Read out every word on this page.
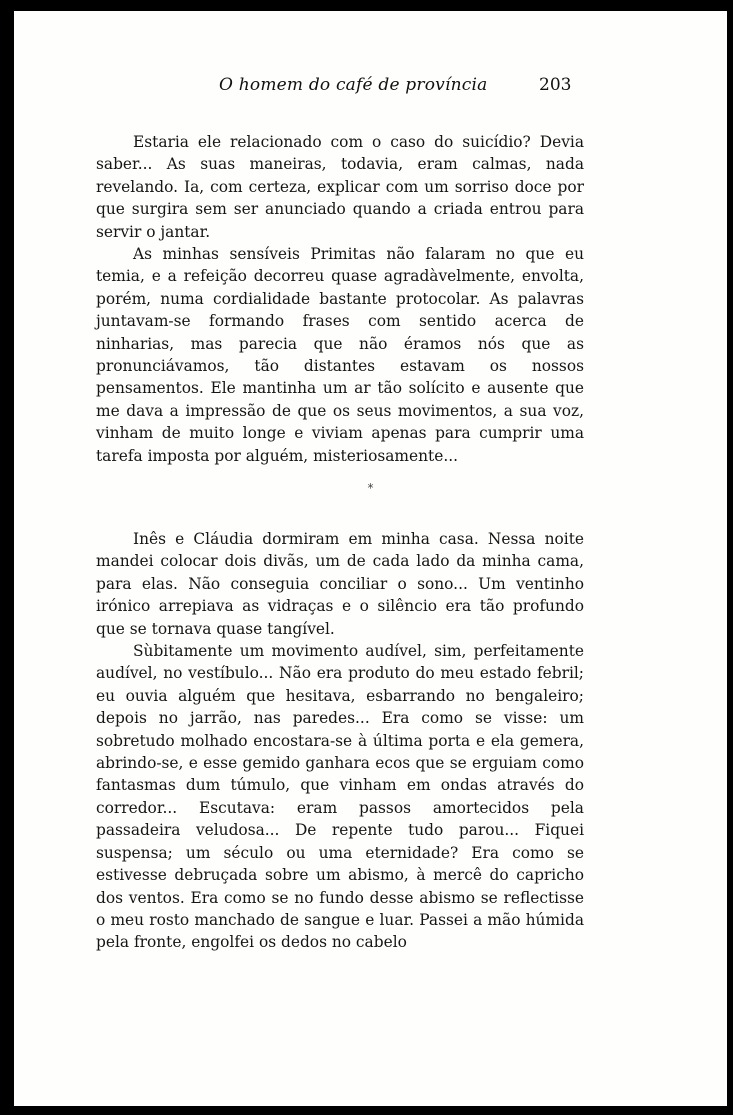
O homem do café de província	203

Estaria ele relacionado com o caso do suicídio? Devia saber... As suas maneiras, todavia, eram calmas, nada revelando. Ia, com certeza, explicar com um sorriso doce por que surgira sem ser anunciado quando a criada entrou para servir o jantar.

As minhas sensíveis Primitas não falaram no que eu temia, e a refeição decorreu quase agradàvelmente, envolta, porém, numa cordialidade bastante protocolar. As palavras juntavam-se formando frases com sentido acerca de ninharias, mas parecia que não éramos nós que as pronunciávamos, tão distantes estavam os nossos pensamentos. Ele mantinha um ar tão solícito e ausente que me dava a impressão de que os seus movimentos, a sua voz, vinham de muito longe e viviam apenas para cumprir uma tarefa imposta por alguém, misteriosamente...

*

Inês e Cláudia dormiram em minha casa. Nessa noite mandei colocar dois divãs, um de cada lado da minha cama, para elas. Não conseguia conciliar o sono... Um ventinho irónico arrepiava as vidraças e o silêncio era tão profundo que se tornava quase tangível.

Sùbitamente um movimento audível, sim, perfeitamente audível, no vestíbulo... Não era produto do meu estado febril; eu ouvia alguém que hesitava, esbarrando no bengaleiro; depois no jarrão, nas paredes... Era como se visse: um sobretudo molhado encostara-se à última porta e ela gemera, abrindo-se, e esse gemido ganhara ecos que se erguiam como fantasmas dum túmulo, que vinham em ondas através do corredor... Escutava: eram passos amortecidos pela passadeira veludosa... De repente tudo parou... Fiquei suspensa; um século ou uma eternidade? Era como se estivesse debruçada sobre um abismo, à mercê do capricho dos ventos. Era como se no fundo desse abismo se reflectisse o meu rosto manchado de sangue e luar. Passei a mão húmida pela fronte, engolfei os dedos no cabelo
